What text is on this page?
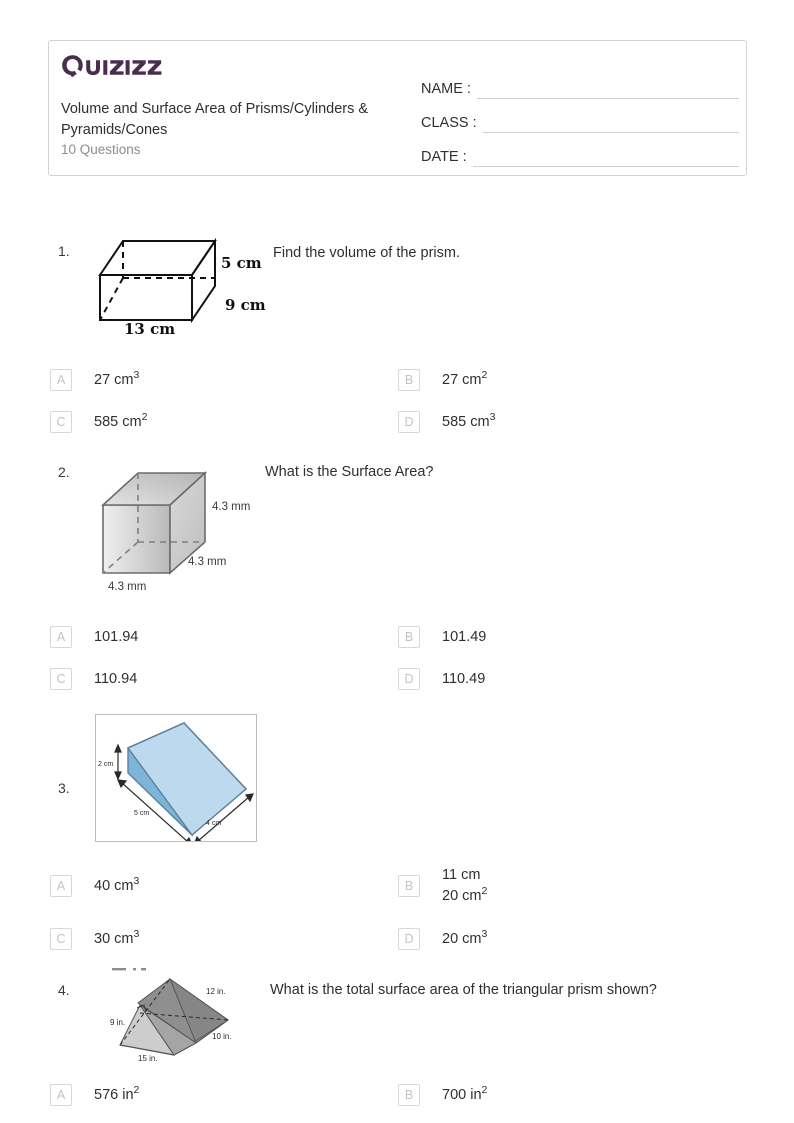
Volume and Surface Area of Prisms/Cylinders & Pyramids/Cones
10 Questions
NAME :
CLASS :
DATE :
1.	Find the volume of the prism.
5 cm
9 cm
13 cm
A	27 $cm^3$	B	27 $cm^2$
C	585 $cm^2$	D	585 $cm^3$
2.	What is the Surface Area?
4.3 mm
4.3 mm
4.3 mm
A	101.94	B	101.49
C	110.94	D	110.49
3.
2 cm
5 cm
4 cm
A	40 $cm^3$	B
11 cm
20 $cm^2$
C	30 $cm^3$	D	20 $cm^3$
4.	What is the total surface area of the triangular prism shown?
12 in.
9 in.
10 in.
15 in.
A	576 $in^2$	B	700 $in^2$
